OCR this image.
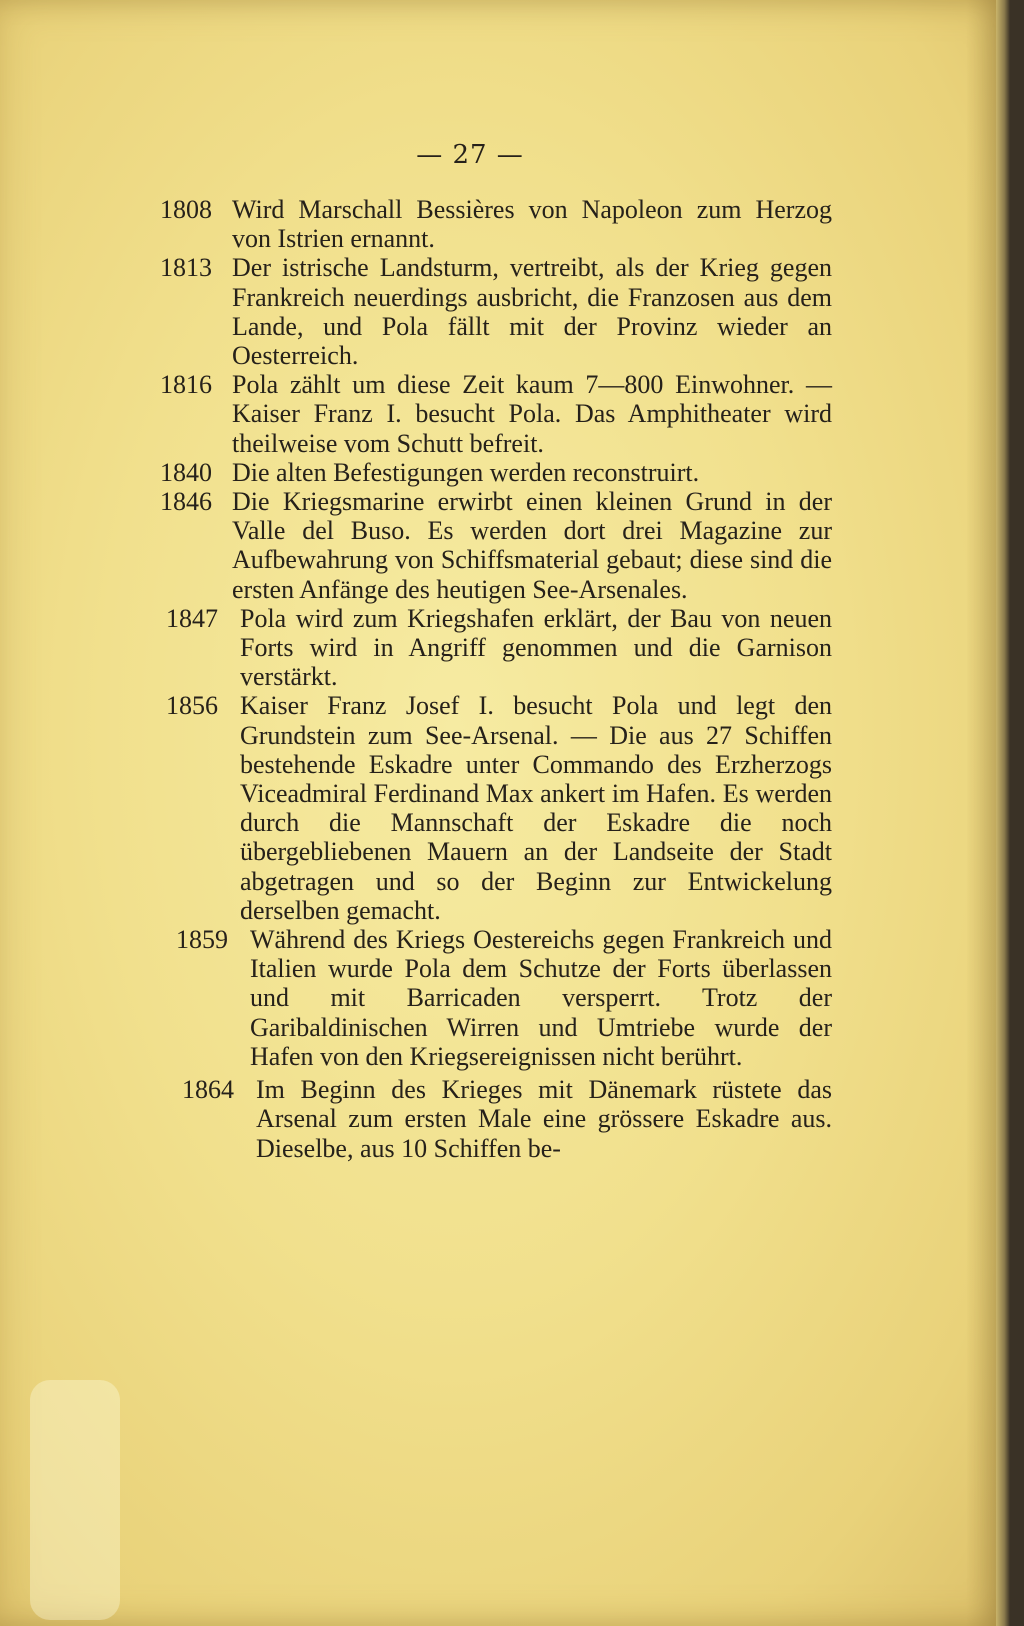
— 27 —
1808 Wird Marschall Bessières von Napoleon zum Herzog von Istrien ernannt.
1813 Der istrische Landsturm, vertreibt, als der Krieg gegen Frankreich neuerdings ausbricht, die Franzosen aus dem Lande, und Pola fällt mit der Provinz wieder an Oesterreich.
1816 Pola zählt um diese Zeit kaum 7—800 Einwohner. — Kaiser Franz I. besucht Pola. Das Amphitheater wird theilweise vom Schutt befreit.
1840 Die alten Befestigungen werden reconstruirt.
1846 Die Kriegsmarine erwirbt einen kleinen Grund in der Valle del Buso. Es werden dort drei Magazine zur Aufbewahrung von Schiffsmaterial gebaut; diese sind die ersten Anfänge des heutigen See-Arsenales.
1847 Pola wird zum Kriegshafen erklärt, der Bau von neuen Forts wird in Angriff genommen und die Garnison verstärkt.
1856 Kaiser Franz Josef I. besucht Pola und legt den Grundstein zum See-Arsenal. — Die aus 27 Schiffen bestehende Eskadre unter Commando des Erzherzogs Viceadmiral Ferdinand Max ankert im Hafen. Es werden durch die Mannschaft der Eskadre die noch übergebliebenen Mauern an der Landseite der Stadt abgetragen und so der Beginn zur Entwickelung derselben gemacht.
1859 Während des Kriegs Oestereichs gegen Frankreich und Italien wurde Pola dem Schutze der Forts überlassen und mit Barricaden versperrt. Trotz der Garibaldinischen Wirren und Umtriebe wurde der Hafen von den Kriegsereignissen nicht berührt.
1864 Im Beginn des Krieges mit Dänemark rüstete das Arsenal zum ersten Male eine grössere Eskadre aus. Dieselbe, aus 10 Schiffen be-
